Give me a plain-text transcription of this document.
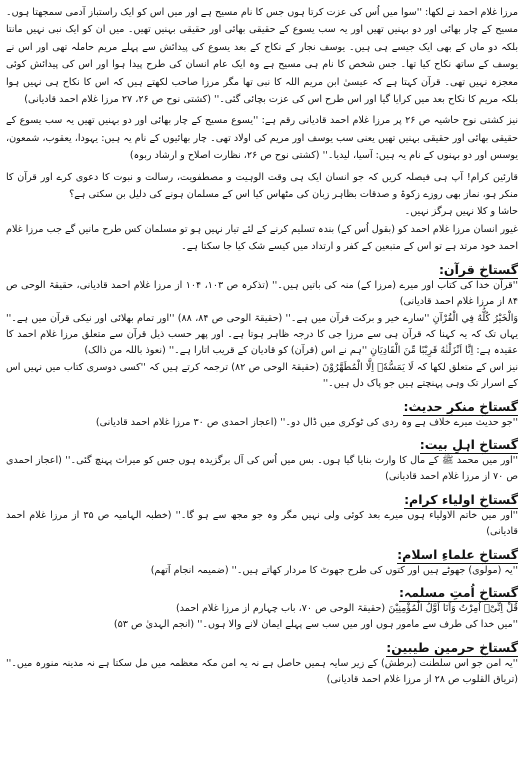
مرزا غلام احمد نے لکھا: ''سوا میں اُس کی عزت کرتا ہوں جس کا نام مسیح ہے اور میں اس کو ایک راستباز آدمی سمجھتا ہوں۔ مسیح کے چار بھائی اور دو بہنیں تھیں اور یہ سب یسوع کے حقیقی بھائی اور حقیقی بہنیں تھیں۔ میں ان کو ایک نبی نہیں مانتا بلکہ دو ماں کے بھی ایک جیسے ہی ہیں۔ یوسف نجار کے نکاح کے بعد یسوع کی پیدائش سے پہلے مریم حاملہ تھی اور اس نے یوسف کے ساتھ نکاح کیا تھا۔ جس شخص کا نام ہی مسیح ہے وہ ایک عام انسان کی طرح پیدا ہوا اور اس کی پیدائش کوئی معجزہ نہیں تھی۔ قرآن کہتا ہے کہ عیسیٰ ابن مریم اللہ کا نبی تھا مگر مرزا صاحب لکھتے ہیں کہ اس کا نکاح ہی نہیں ہوا بلکہ مریم کا نکاح بعد میں کرایا گیا اور اس طرح اس کی عزت بچائی گئی۔'' (کشتی نوح ص ۲۶، ۲۷ مرزا غلام احمد قادیانی)

نیز کشتی نوح حاشیہ ص ۲۶ پر مرزا غلام احمد قادیانی رقم ہے: ''یسوع مسیح کے چار بھائی اور دو بہنیں تھیں یہ سب یسوع کے حقیقی بھائی اور حقیقی بہنیں تھیں یعنی سب یوسف اور مریم کی اولاد تھی۔ چار بھائیوں کے نام یہ ہیں: یہودا، یعقوب، شمعون، یوسس اور دو بہنوں کے نام یہ ہیں: آسیا، لیدیا۔'' (کشتی نوح ص ۲۶، نظارت اصلاح و ارشاد ربوہ)

قارئین کرام! آپ ہی فیصلہ کریں کہ جو انسان ایک ہی وقت الوہیت و مصطفویت، رسالت و نبوت کا دعوی کرے اور قرآن کا منکر ہو، نماز بھی روزے زکوۃ و صدقات بظاہر زبان کی مٹھاس کیا اس کے مسلمان ہونے کی دلیل بن سکتی ہے؟

حاشا و کلا نہیں ہرگز نہیں۔

غیور انسان مرزا غلام احمد کو (بقول اُس کے) بندہ تسلیم کرنے کے لئے تیار نہیں ہو تو مسلمان کس طرح مانیں گے جب مرزا غلام احمد خود مرتد ہے تو اس کے متبعین کے کفر و ارتداد میں کیسے شک کیا جا سکتا ہے۔

گستاخِ قرآن:

''قرآن خدا کی کتاب اور میرے (مرزا کے) منہ کی باتیں ہیں۔'' (تذکرہ ص ۱۰۳، ۱۰۴ از مرزا غلام احمد قادیانی، حقیقۃ الوحی ص ۸۴ از مرزا غلام احمد قادیانی)

وَالْخَيْرُ كُلُّهُ فِي الْقُرْآنِ ''سارے خیر و برکت قرآن میں ہے۔'' (حقیقۃ الوحی ص ۸۴، ۸۸) ''اور تمام بھلائی اور نیکی قرآن میں ہے۔'' یہاں تک کہ یہ کہنا کہ قرآن ہی سے مرزا جی کا درجہ ظاہر ہوتا ہے۔ اور پھر حسب ذیل قرآن سے متعلق مرزا غلام احمد کا عقیدہ ہے: اِنَّا اَنْزَلْنٰهُ قَرِيْبًا مِّنَ الْقَادِيَانِ ''ہم نے اس (قرآن) کو قادیان کے قریب اتارا ہے۔'' (نعوذ باللہ من ذالک)

نیز اس کے متعلق لکھا کہ لَا يَمَسُّهٗۤ اِلَّا الْمُطَهَّرُوْنَ (حقیقۃ الوحی ص ۸۲) ترجمہ کرتے ہیں کہ ''کسی دوسری کتاب میں نہیں اس کے اسرار تک وہی پہنچتے ہیں جو پاک دل ہیں۔''

گستاخِ منکرِ حدیث:

''جو حدیث میرے خلاف ہے وہ ردی کی ٹوکری میں ڈال دو۔'' (اعجاز احمدی ص ۳۰ مرزا غلام احمد قادیانی)

گستاخِ اہلِ بیت:

''اور میں محمد ﷺ کے مال کا وارث بنایا گیا ہوں۔ بس میں اُس کی آل برگزیدہ ہوں جس کو میراث پہنچ گئی۔'' (اعجاز احمدی ص ۷۰ از مرزا غلام احمد قادیانی)

گستاخِ اولیاء کرام:

''اور میں خاتم الاولیاء ہوں میرے بعد کوئی ولی نہیں مگر وہ جو مجھ سے ہو گا۔'' (خطبہ الہامیہ ص ۳۵ از مرزا غلام احمد قادیانی)

گستاخِ علماءِ اسلام:

''یہ (مولوی) جھوٹے ہیں اور کتوں کی طرح جھوٹ کا مردار کھاتے ہیں۔'' (ضمیمہ انجام آتھم)

گستاخِ اُمتِ مسلمہ:

قُلْ اِنِّىْۤ اُمِرْتُ وَاَنَا اَوَّلُ الْمُؤْمِنِيْنَ (حقیقۃ الوحی ص ۷۰، باب چہارم از مرزا غلام احمد)

''میں خدا کی طرف سے مامور ہوں اور میں سب سے پہلے ایمان لانے والا ہوں۔'' (انجم الہدیٰ ص ۵۳)

گستاخِ حرمین طیبین:

''یہ امن جو اس سلطنت (برطش) کے زیر سایہ ہمیں حاصل ہے نہ یہ امن مکہ معظمہ میں مل سکتا ہے نہ مدینہ منورہ میں۔'' (تریاق القلوب ص ۲۸ از مرزا غلام احمد قادیانی)
